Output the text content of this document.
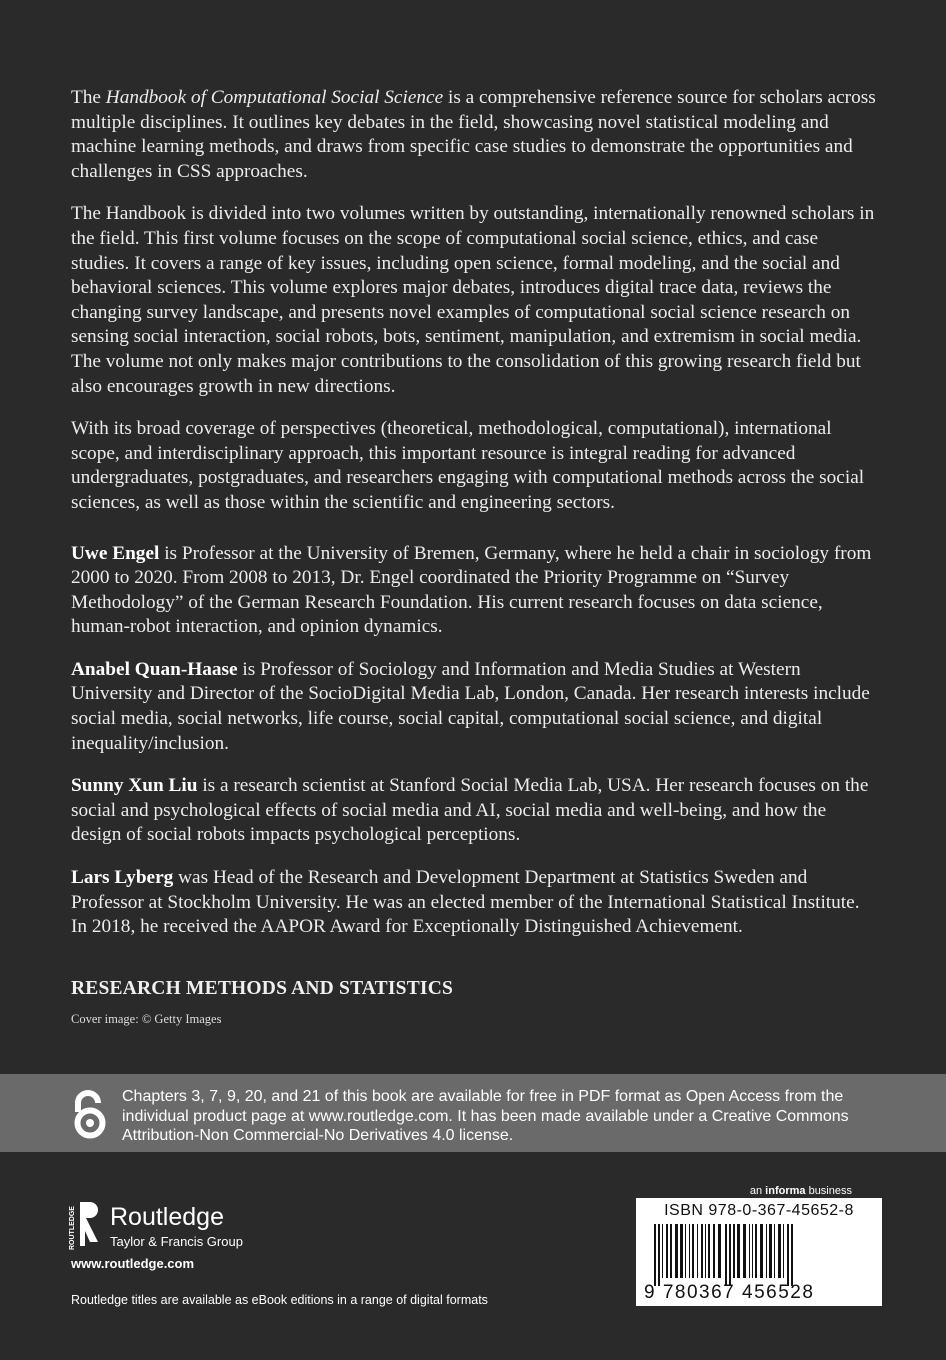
The Handbook of Computational Social Science is a comprehensive reference source for scholars across multiple disciplines. It outlines key debates in the field, showcasing novel statistical modeling and machine learning methods, and draws from specific case studies to demonstrate the opportunities and challenges in CSS approaches.

The Handbook is divided into two volumes written by outstanding, internationally renowned scholars in the field. This first volume focuses on the scope of computational social science, ethics, and case studies. It covers a range of key issues, including open science, formal modeling, and the social and behavioral sciences. This volume explores major debates, introduces digital trace data, reviews the changing survey landscape, and presents novel examples of computational social science research on sensing social interaction, social robots, bots, sentiment, manipulation, and extremism in social media. The volume not only makes major contributions to the consolidation of this growing research field but also encourages growth in new directions.

With its broad coverage of perspectives (theoretical, methodological, computational), international scope, and interdisciplinary approach, this important resource is integral reading for advanced undergraduates, postgraduates, and researchers engaging with computational methods across the social sciences, as well as those within the scientific and engineering sectors.

Uwe Engel is Professor at the University of Bremen, Germany, where he held a chair in sociology from 2000 to 2020. From 2008 to 2013, Dr. Engel coordinated the Priority Programme on “Survey Methodology” of the German Research Foundation. His current research focuses on data science, human-robot interaction, and opinion dynamics.

Anabel Quan-Haase is Professor of Sociology and Information and Media Studies at Western University and Director of the SocioDigital Media Lab, London, Canada. Her research interests include social media, social networks, life course, social capital, computational social science, and digital inequality/inclusion.

Sunny Xun Liu is a research scientist at Stanford Social Media Lab, USA. Her research focuses on the social and psychological effects of social media and AI, social media and well-being, and how the design of social robots impacts psychological perceptions.

Lars Lyberg was Head of the Research and Development Department at Statistics Sweden and Professor at Stockholm University. He was an elected member of the International Statistical Institute. In 2018, he received the AAPOR Award for Exceptionally Distinguished Achievement.

RESEARCH METHODS AND STATISTICS
Cover image: © Getty Images
Chapters 3, 7, 9, 20, and 21 of this book are available for free in PDF format as Open Access from the individual product page at www.routledge.com. It has been made available under a Creative Commons Attribution-Non Commercial-No Derivatives 4.0 license.
ROUTLEDGE Routledge
Taylor & Francis Group
www.routledge.com
Routledge titles are available as eBook editions in a range of digital formats
an informa business
ISBN 978-0-367-45652-8
9 780367 456528
